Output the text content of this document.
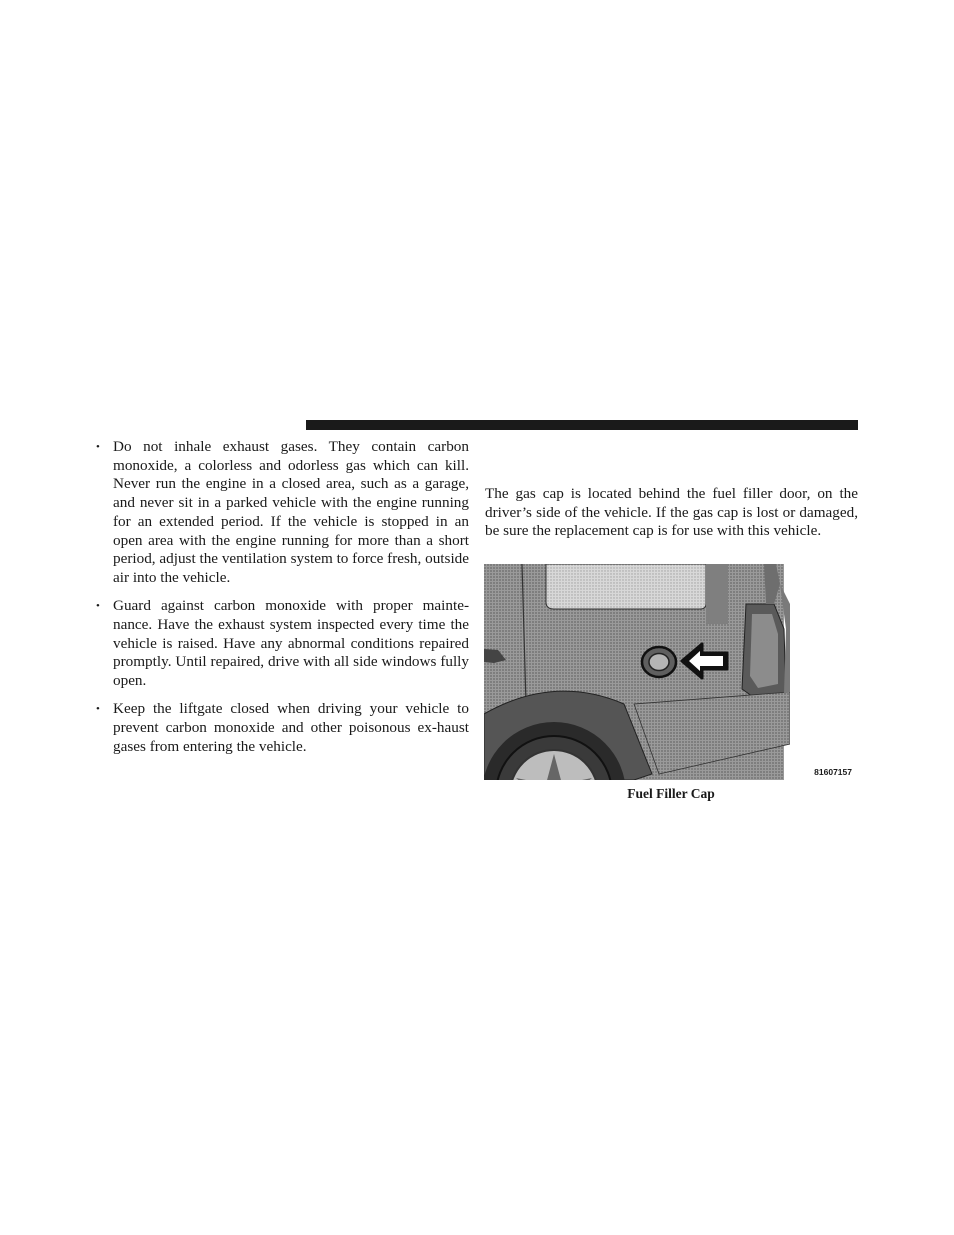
• Do not inhale exhaust gases. They contain carbon monoxide, a colorless and odorless gas which can kill. Never run the engine in a closed area, such as a garage, and never sit in a parked vehicle with the engine running for an extended period. If the vehicle is stopped in an open area with the engine running for more than a short period, adjust the ventilation system to force fresh, outside air into the vehicle.
• Guard against carbon monoxide with proper mainte-nance. Have the exhaust system inspected every time the vehicle is raised. Have any abnormal conditions repaired promptly. Until repaired, drive with all side windows fully open.
• Keep the liftgate closed when driving your vehicle to prevent carbon monoxide and other poisonous ex-haust gases from entering the vehicle.

The gas cap is located behind the fuel filler door, on the driver’s side of the vehicle. If the gas cap is lost or damaged, be sure the replacement cap is for use with this vehicle.

81607157
Fuel Filler Cap
